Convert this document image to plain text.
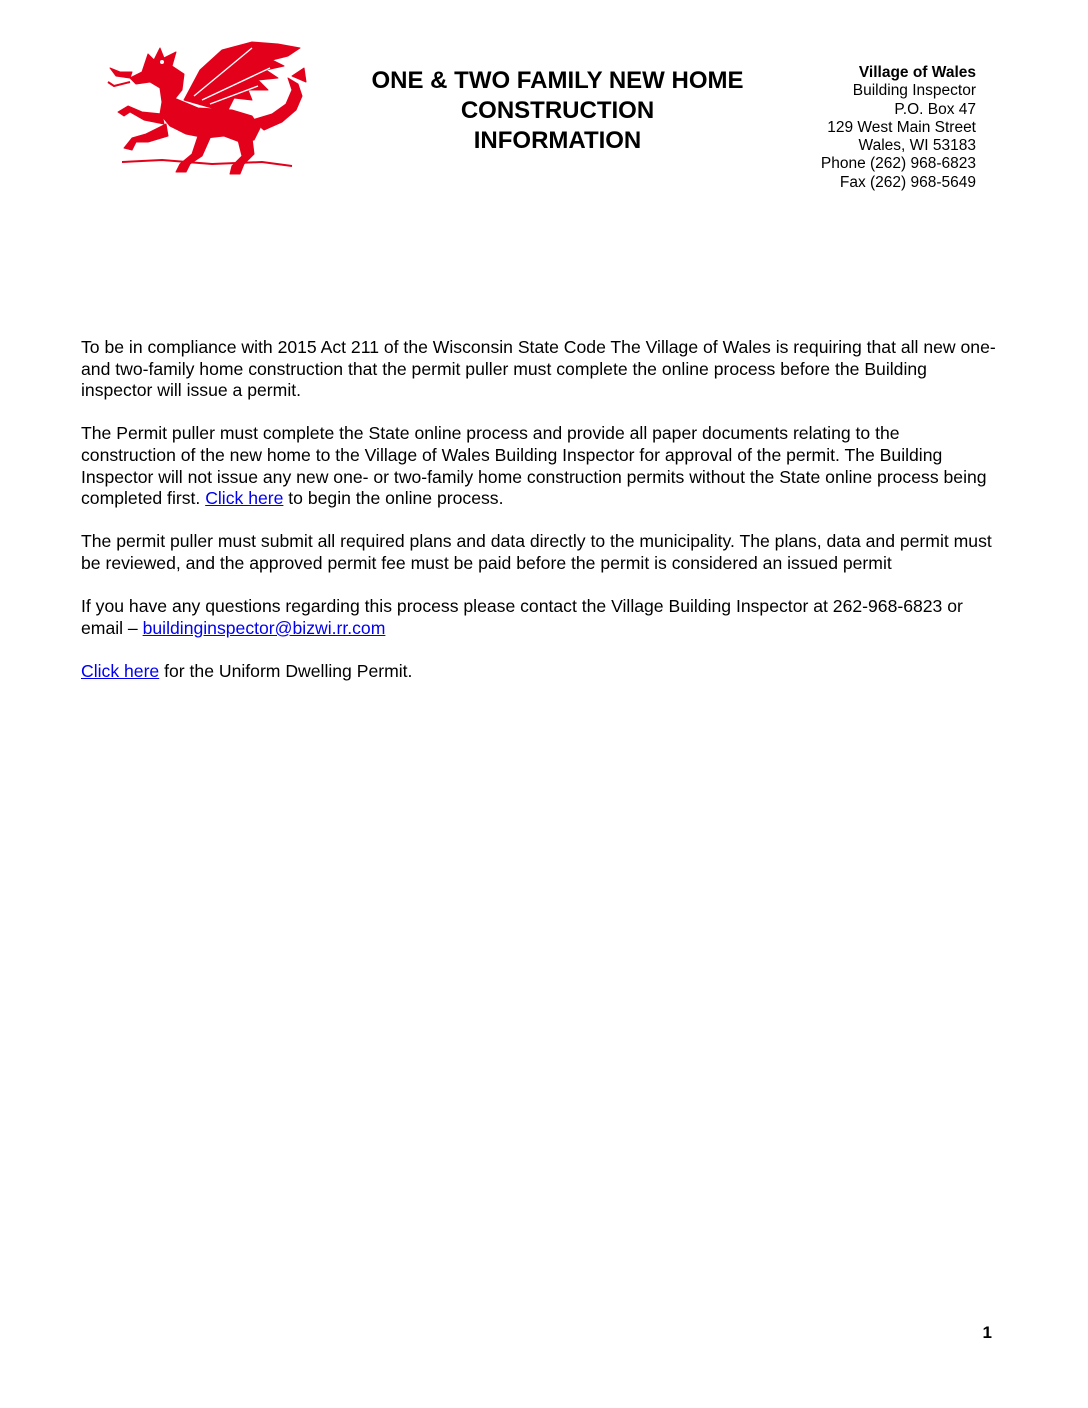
ONE & TWO FAMILY NEW HOME
CONSTRUCTION
INFORMATION
Village of Wales
Building Inspector
P.O. Box 47
129 West Main Street
Wales, WI 53183
Phone (262) 968-6823
Fax (262) 968-5649

To be in compliance with 2015 Act 211 of the Wisconsin State Code The Village of Wales is requiring that all new one- and two-family home construction that the permit puller must complete the online process before the Building inspector will issue a permit.

The Permit puller must complete the State online process and provide all paper documents relating to the construction of the new home to the Village of Wales Building Inspector for approval of the permit. The Building Inspector will not issue any new one- or two-family home construction permits without the State online process being completed first. Click here to begin the online process.

The permit puller must submit all required plans and data directly to the municipality. The plans, data and permit must be reviewed, and the approved permit fee must be paid before the permit is considered an issued permit

If you have any questions regarding this process please contact the Village Building Inspector at 262-968-6823 or email – buildinginspector@bizwi.rr.com

Click here for the Uniform Dwelling Permit.

1
